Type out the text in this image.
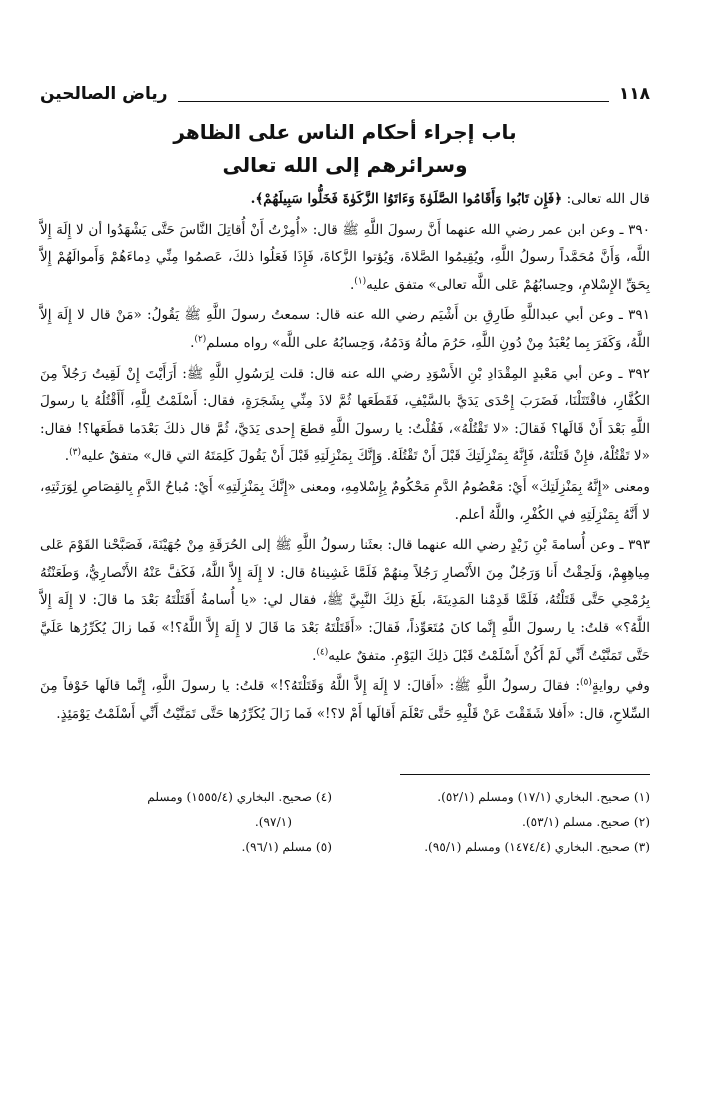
١١٨
رياض الصالحين
باب إجراء أحكام الناس على الظاهر
وسرائرهم إلى الله تعالى

قال الله تعالى: ﴿فَإِن تَابُوا وَأَقَامُوا الصَّلَوٰةَ وَءَاتَوُا الزَّكَوٰةَ فَخَلُّوا سَبِيلَهُمْ﴾.

٣٩٠ ـ وعن ابن عمر رضي الله عنهما أَنَّ رسولَ اللَّهِ ﷺ قال: «أُمِرْتُ أَنْ أُقاتِلَ النَّاسَ حَتَّى يَشْهَدُوا أن لا إِلَهَ إِلاَّ اللَّه، وَأَنَّ مُحَمَّداً رسولُ اللَّهِ، ويُقِيمُوا الصَّلاةَ، وَيُؤتوا الزَّكاةَ، فَإِذَا فَعَلُوا ذلكَ، عَصمُوا مِنِّي دِماءَهُمْ وَأَموالَهُمْ إِلاَّ بِحَقِّ الإِسْلامِ، وحِسابُهُمْ عَلى اللَّه تعالى» متفق عليه$^{(١)}$.

٣٩١ ـ وعن أبي عبداللَّهِ طَارِقِ بن أَشْيَم رضي الله عنه قال: سمعتُ رسولَ اللَّهِ ﷺ يَقُولُ: «مَنْ قال لا إِلَهَ إِلاَّ اللَّهُ، وَكَفَرَ بِما يُعْبَدُ مِنْ دُونِ اللَّهِ، حَرُمَ مالُهُ وَدَمُهُ، وَحِسابُهُ على اللَّه» رواه مسلم$^{(٢)}$.

٣٩٢ ـ وعن أبي مَعْبدٍ المِقْدَادِ بْنِ الأَسْوَدِ رضي الله عنه قال: قلت لِرَسُولِ اللَّهِ ﷺ: أَرَأَيْتَ إِنْ لَقِيتُ رَجُلاً مِنَ الكُفَّارِ، فاقْتَتَلْنَا، فَضَرَبَ إِحْدَى يَدَيَّ بالسَّيْفِ، فَقَطَعَها ثُمَّ لاذَ مِنِّي بِشَجَرَةٍ، فقال: أَسْلَمْتُ لِلَّهِ، أَأَقْتُلُهُ يا رسولَ اللَّهِ بَعْدَ أَنْ قَالَها؟ فَقالَ: «لا تَقْتُلْهُ»، فَقُلْتُ: يا رسولَ اللَّهِ قطعَ إِحدى يَدَيَّ، ثُمَّ قال ذلكَ بَعْدَما قطَعَها؟! فقال: «لا تَقْتُلْهُ، فإِنْ قَتَلْتَهُ، فَإِنَّهُ بِمَنْزِلَتِكَ قَبْلَ أَنْ تَقْتُلَهُ. وَإِنَّكَ بِمَنْزِلَتِهِ قَبْلَ أَنْ يَقُولَ كَلِمَتَهُ التي قال» متفقٌ عليه$^{(٣)}$.

ومعنى «إِنَّهُ بِمَنْزِلَتِكَ» أَيْ: مَعْصُومُ الدَّمِ مَحْكُومٌ بِإِسْلامِهِ، ومعنى «إِنَّكَ بِمَنْزِلَتِهِ» أَيْ: مُباحُ الدَّمِ بِالقِصَاصِ لِوَرَثَتِهِ، لا أَنَّهُ بِمَنْزِلَتِهِ في الكُفْرِ، واللَّهُ أعلم.

٣٩٣ ـ وعن أُسامةَ بْنِ زَيْدٍ رضي الله عنهما قال: بعثَنا رسولُ اللَّهِ ﷺ إلى الحُرَقَةِ مِنْ جُهَيْنَةَ، فَصَبَّحْنا القَوْمَ عَلى مِياهِهِمْ، وَلَحِقْتُ أَنا وَرَجُلٌ مِنَ الأَنْصارِ رَجُلاً مِنهُمْ فَلَمَّا غَشِيناهُ قال: لا إِلَهَ إِلاَّ اللَّهُ، فَكَفَّ عَنْهُ الأَنْصارِيُّ، وَطَعَنْتُهُ بِرُمْحِي حَتَّى قَتَلْتُهُ، فَلَمَّا قَدِمْنا المَدِينَةَ، بلَغَ ذلِكَ النَّبِيَّ ﷺ، فقال لي: «يا أُسامةُ أَقَتَلْتَهُ بَعْدَ ما قالَ: لا إِلَهَ إِلاَّ اللَّهُ؟» قلتُ: يا رسولَ اللَّهِ إِنَّما كانَ مُتَعَوِّذاً، فَقالَ: «أَقَتَلْتَهُ بَعْدَ مَا قَالَ لا إِلَهَ إِلاَّ اللَّهُ؟!» فَما زالَ يُكَرِّرُها عَلَيَّ حَتَّى تَمَنَّيْتُ أَنِّي لَمْ أَكُنْ أَسْلَمْتُ قَبْلَ ذلِكَ اليَوْمِ. متفقٌ عليه$^{(٤)}$.

وفي روايةٍ$^{(٥)}$: فقالَ رسولُ اللَّهِ ﷺ: «أَقالَ: لا إِلَهَ إِلاَّ اللَّهُ وَقَتَلْتَهُ؟!» قلتُ: يا رسولَ اللَّهِ، إِنَّما قالَها خَوْفاً مِنَ السِّلاحِ، قال: «أَفلا شَقَقْتَ عَنْ قَلْبِهِ حَتَّى تَعْلَمَ أَقالَها أَمْ لا؟!» فَما زَالَ يُكَرِّرُها حَتَّى تَمَنَّيْتُ أَنِّي أَسْلَمْتُ يَوْمَئِذٍ.

(١) صحيح. البخاري (١٧/١) ومسلم (٥٢/١).
(٢) صحيح. مسلم (٥٣/١).
(٣) صحيح. البخاري (١٤٧٤/٤) ومسلم (٩٥/١).
(٤) صحيح. البخاري (١٥٥٥/٤) ومسلم
(٩٧/١).
(٥) مسلم (٩٦/١).
